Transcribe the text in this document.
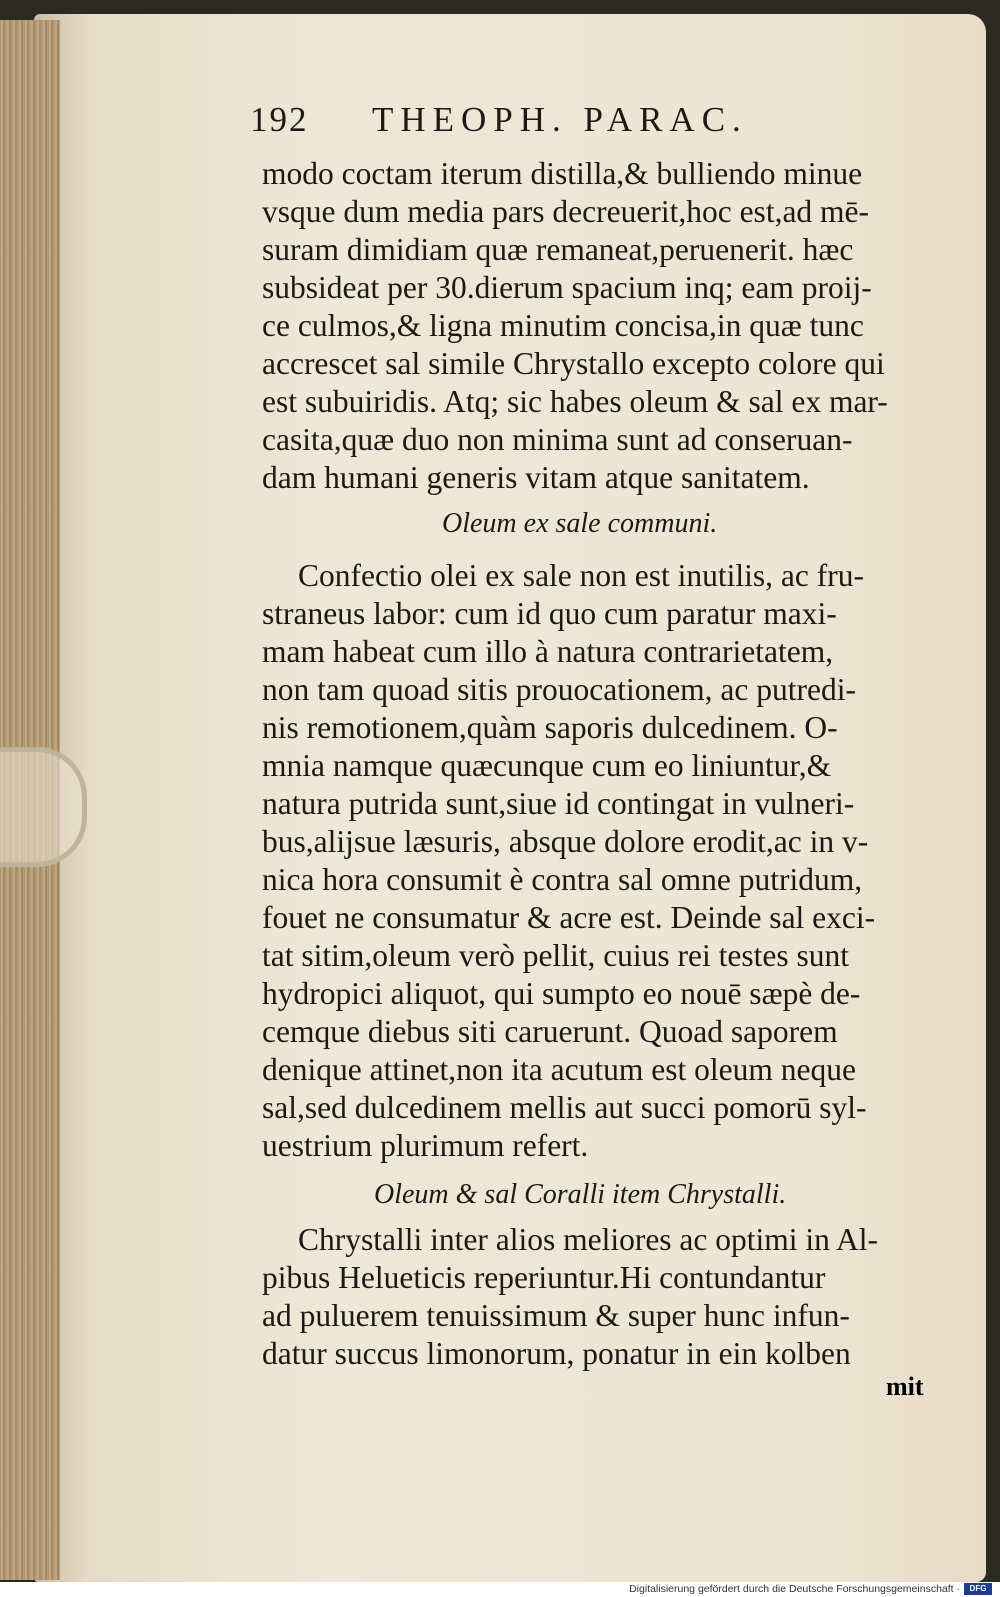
192 THEOPH. PARAC.
modo coctam iterum distilla,& bulliendo minue
vsque dum media pars decreuerit,hoc est,ad mē-
suram dimidiam quæ remaneat,peruenerit. hæc
subsideat per 30.dierum spacium inq; eam proij-
ce culmos,& ligna minutim concisa,in quæ tunc
accrescet sal simile Chrystallo excepto colore qui
est subuiridis. Atq; sic habes oleum & sal ex mar-
casita,quæ duo non minima sunt ad conseruan-
dam humani generis vitam atque sanitatem.
Oleum ex sale communi.
Confectio olei ex sale non est inutilis, ac fru-
straneus labor: cum id quo cum paratur maxi-
mam habeat cum illo à natura contrarietatem,
non tam quoad sitis prouocationem, ac putredi-
nis remotionem,quàm saporis dulcedinem. O-
mnia namque quæcunque cum eo liniuntur,&
natura putrida sunt,siue id contingat in vulneri-
bus,alijsue læsuris, absque dolore erodit,ac in v-
nica hora consumit è contra sal omne putridum,
fouet ne consumatur & acre est. Deinde sal exci-
tat sitim,oleum verò pellit, cuius rei testes sunt
hydropici aliquot, qui sumpto eo nouē sæpè de-
cemque diebus siti caruerunt. Quoad saporem
denique attinet,non ita acutum est oleum neque
sal,sed dulcedinem mellis aut succi pomorū syl-
uestrium plurimum refert.
Oleum & sal Coralli item Chrystalli.
Chrystalli inter alios meliores ac optimi in Al-
pibus Helueticis reperiuntur.Hi contundantur
ad puluerem tenuissimum & super hunc infun-
datur succus limonorum, ponatur in ein kolben
mit
Digitalisierung gefördert durch die Deutsche Forschungsgemeinschaft ·	DFG
